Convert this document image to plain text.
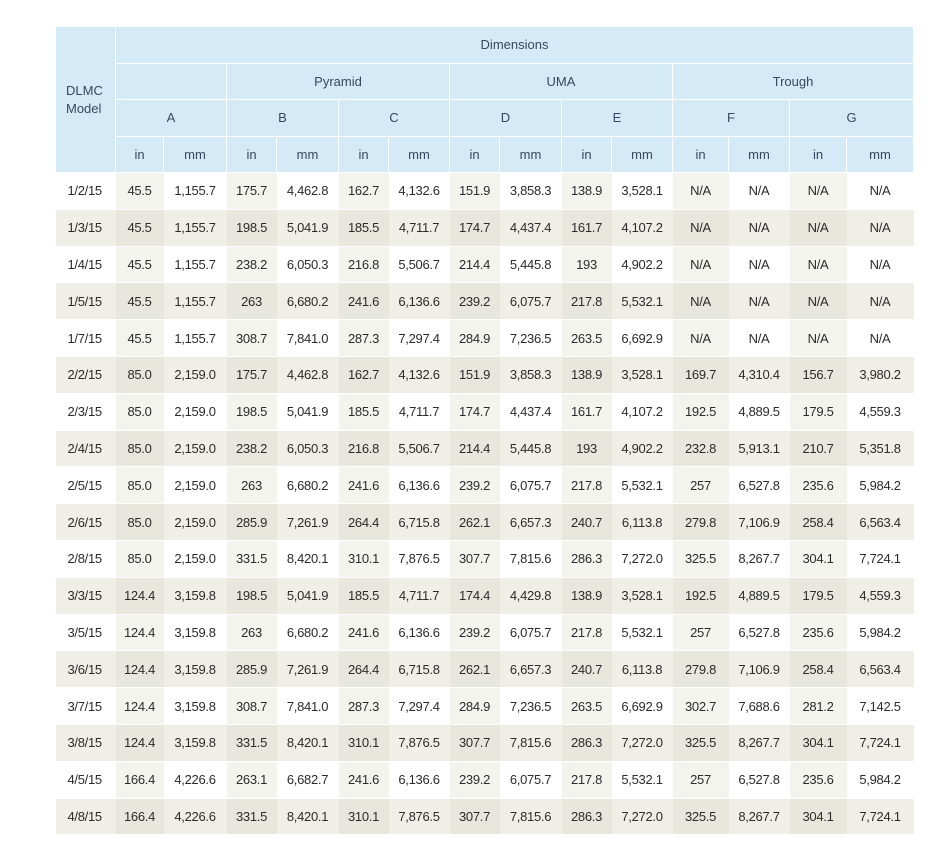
DLMC
Model	Dimensions													
			Pyramid				UMA				Trough			
	A		B		C		D		E		F		G	
	in	mm	in	mm	in	mm	in	mm	in	mm	in	mm	in	mm
1/2/15	45.5	1,155.7	175.7	4,462.8	162.7	4,132.6	151.9	3,858.3	138.9	3,528.1	N/A	N/A	N/A	N/A
1/3/15	45.5	1,155.7	198.5	5,041.9	185.5	4,711.7	174.7	4,437.4	161.7	4,107.2	N/A	N/A	N/A	N/A
1/4/15	45.5	1,155.7	238.2	6,050.3	216.8	5,506.7	214.4	5,445.8	193	4,902.2	N/A	N/A	N/A	N/A
1/5/15	45.5	1,155.7	263	6,680.2	241.6	6,136.6	239.2	6,075.7	217.8	5,532.1	N/A	N/A	N/A	N/A
1/7/15	45.5	1,155.7	308.7	7,841.0	287.3	7,297.4	284.9	7,236.5	263.5	6,692.9	N/A	N/A	N/A	N/A
2/2/15	85.0	2,159.0	175.7	4,462.8	162.7	4,132.6	151.9	3,858.3	138.9	3,528.1	169.7	4,310.4	156.7	3,980.2
2/3/15	85.0	2,159.0	198.5	5,041.9	185.5	4,711.7	174.7	4,437.4	161.7	4,107.2	192.5	4,889.5	179.5	4,559.3
2/4/15	85.0	2,159.0	238.2	6,050.3	216.8	5,506.7	214.4	5,445.8	193	4,902.2	232.8	5,913.1	210.7	5,351.8
2/5/15	85.0	2,159.0	263	6,680.2	241.6	6,136.6	239.2	6,075.7	217.8	5,532.1	257	6,527.8	235.6	5,984.2
2/6/15	85.0	2,159.0	285.9	7,261.9	264.4	6,715.8	262.1	6,657.3	240.7	6,113.8	279.8	7,106.9	258.4	6,563.4
2/8/15	85.0	2,159.0	331.5	8,420.1	310.1	7,876.5	307.7	7,815.6	286.3	7,272.0	325.5	8,267.7	304.1	7,724.1
3/3/15	124.4	3,159.8	198.5	5,041.9	185.5	4,711.7	174.4	4,429.8	138.9	3,528.1	192.5	4,889.5	179.5	4,559.3
3/5/15	124.4	3,159.8	263	6,680.2	241.6	6,136.6	239.2	6,075.7	217.8	5,532.1	257	6,527.8	235.6	5,984.2
3/6/15	124.4	3,159.8	285.9	7,261.9	264.4	6,715.8	262.1	6,657.3	240.7	6,113.8	279.8	7,106.9	258.4	6,563.4
3/7/15	124.4	3,159.8	308.7	7,841.0	287.3	7,297.4	284.9	7,236.5	263.5	6,692.9	302.7	7,688.6	281.2	7,142.5
3/8/15	124.4	3,159.8	331.5	8,420.1	310.1	7,876.5	307.7	7,815.6	286.3	7,272.0	325.5	8,267.7	304.1	7,724.1
4/5/15	166.4	4,226.6	263.1	6,682.7	241.6	6,136.6	239.2	6,075.7	217.8	5,532.1	257	6,527.8	235.6	5,984.2
4/8/15	166.4	4,226.6	331.5	8,420.1	310.1	7,876.5	307.7	7,815.6	286.3	7,272.0	325.5	8,267.7	304.1	7,724.1
